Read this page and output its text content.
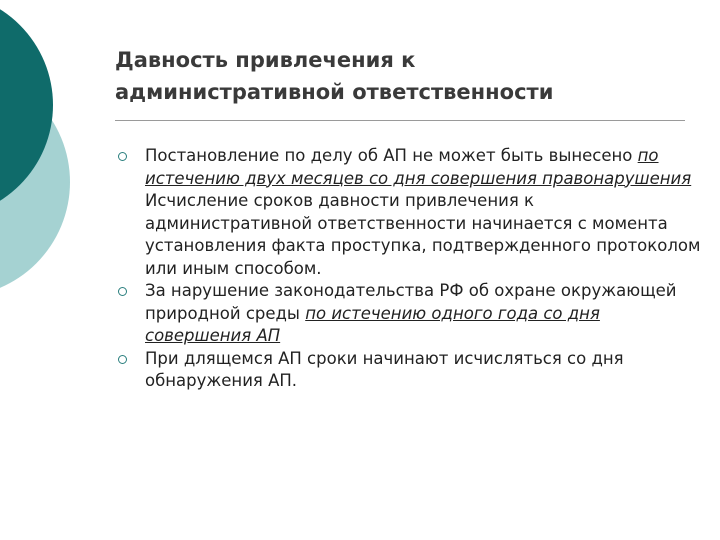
Давность привлечения к
административной ответственности
Постановление по делу об АП не может быть вынесено по истечению двух месяцев со дня совершения правонарушения
Исчисление сроков давности привлечения к административной ответственности начинается с момента установления факта проступка, подтвержденного протоколом или иным способом.
За нарушение законодательства РФ об охране окружающей природной среды по истечению одного года со дня совершения АП
При длящемся АП сроки начинают исчисляться со дня обнаружения АП.
